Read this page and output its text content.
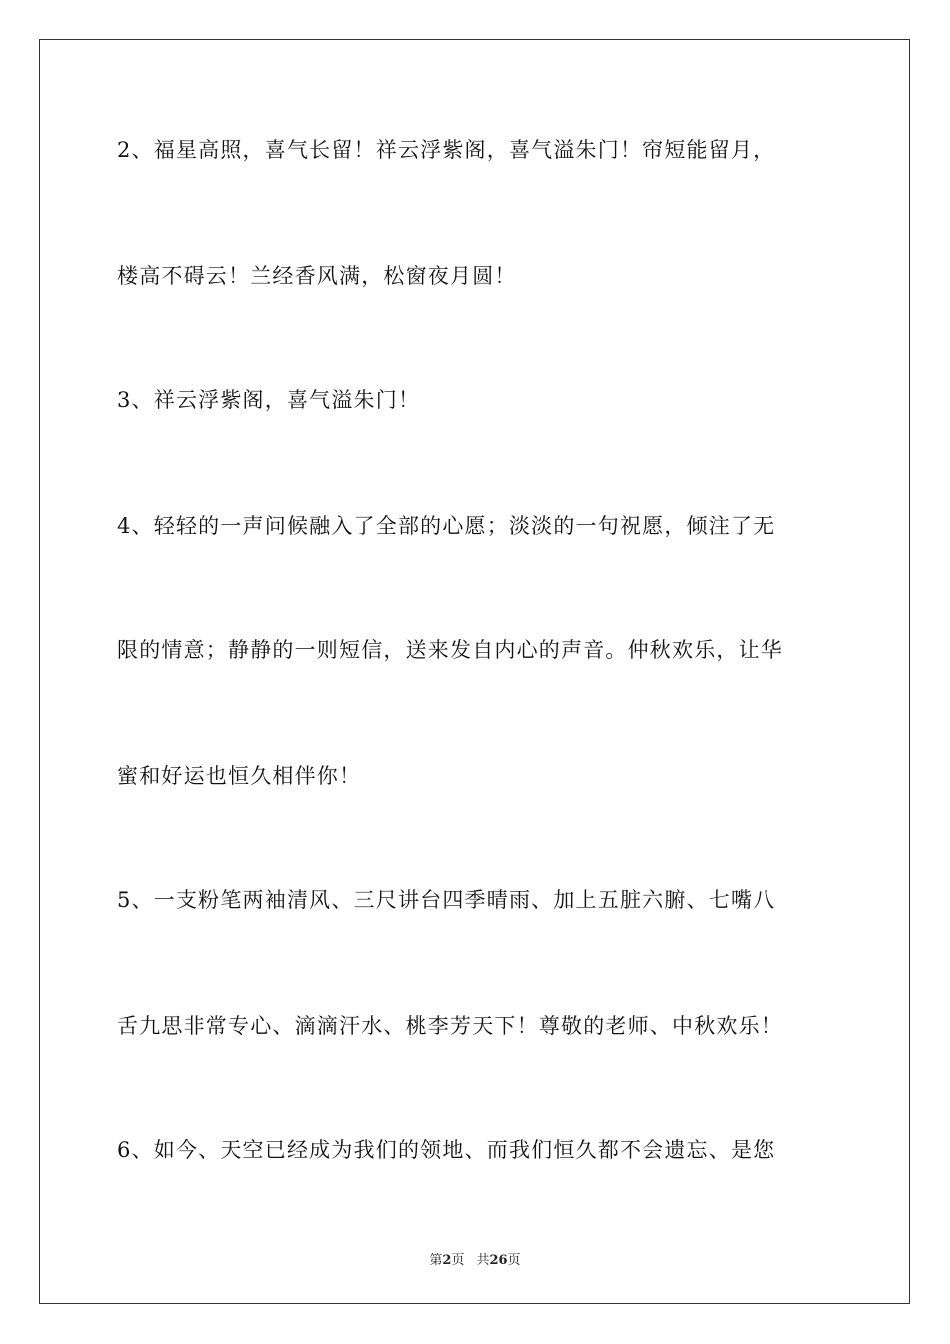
2、福星高照，喜气长留！祥云浮紫阁，喜气溢朱门！帘短能留月，
楼高不碍云！兰经香风满，松窗夜月圆！
3、祥云浮紫阁，喜气溢朱门！
4、轻轻的一声问候融入了全部的心愿；淡淡的一句祝愿，倾注了无
限的情意；静静的一则短信，送来发自内心的声音。仲秋欢乐，让华
蜜和好运也恒久相伴你！
5、一支粉笔两袖清风、三尺讲台四季晴雨、加上五脏六腑、七嘴八
舌九思非常专心、滴滴汗水、桃李芳天下！尊敬的老师、中秋欢乐！
6、如今、天空已经成为我们的领地、而我们恒久都不会遗忘、是您
第2页 共26页
